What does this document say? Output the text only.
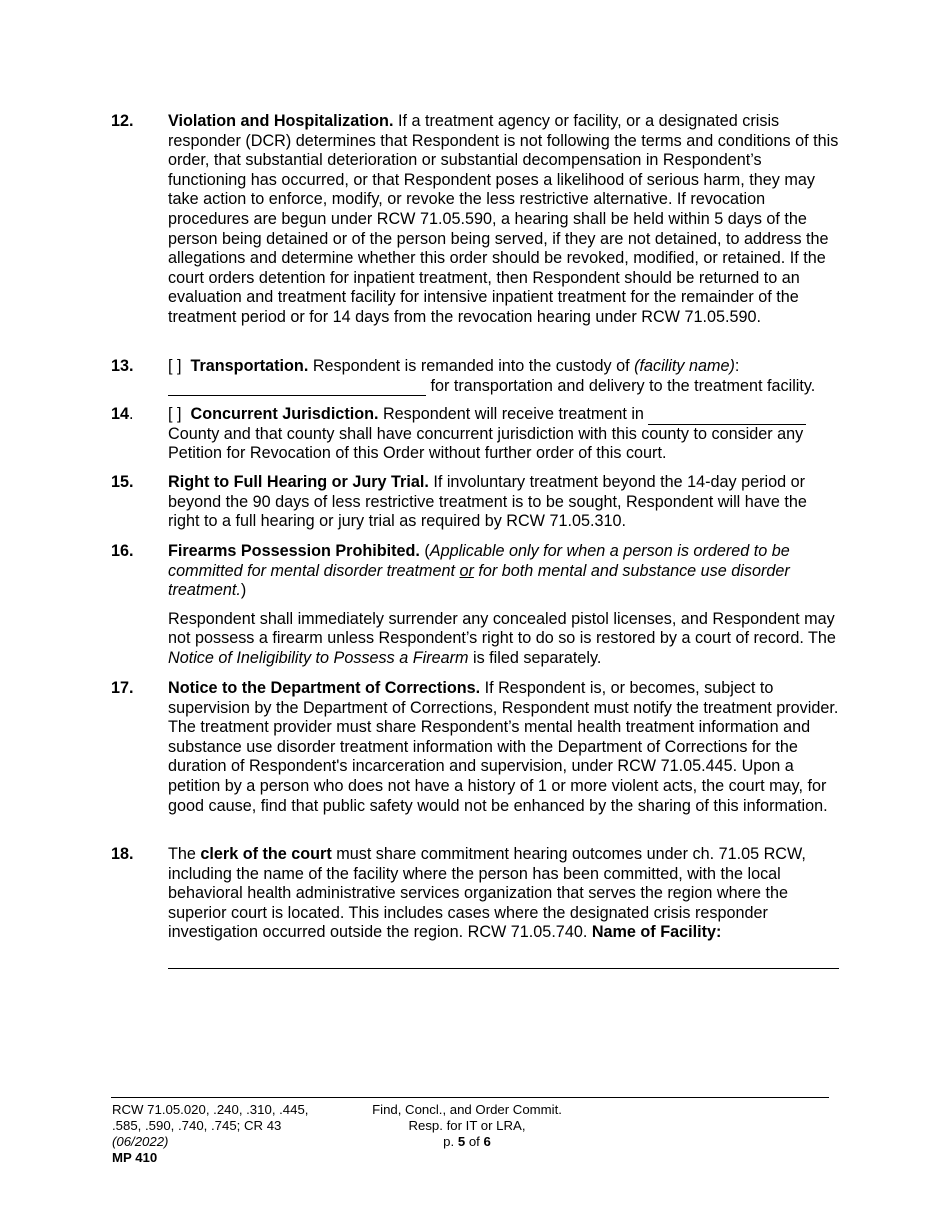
12. Violation and Hospitalization. If a treatment agency or facility, or a designated crisis responder (DCR) determines that Respondent is not following the terms and conditions of this order, that substantial deterioration or substantial decompensation in Respondent’s functioning has occurred, or that Respondent poses a likelihood of serious harm, they may take action to enforce, modify, or revoke the less restrictive alternative. If revocation procedures are begun under RCW 71.05.590, a hearing shall be held within 5 days of the person being detained or of the person being served, if they are not detained, to address the allegations and determine whether this order should be revoked, modified, or retained. If the court orders detention for inpatient treatment, then Respondent should be returned to an evaluation and treatment facility for intensive inpatient treatment for the remainder of the treatment period or for 14 days from the revocation hearing under RCW 71.05.590.
13. [ ] Transportation. Respondent is remanded into the custody of (facility name):
for transportation and delivery to the treatment facility.
14. [ ] Concurrent Jurisdiction. Respondent will receive treatment in  County and that county shall have concurrent jurisdiction with this county to consider any Petition for Revocation of this Order without further order of this court.
15. Right to Full Hearing or Jury Trial. If involuntary treatment beyond the 14-day period or beyond the 90 days of less restrictive treatment is to be sought, Respondent will have the right to a full hearing or jury trial as required by RCW 71.05.310.
16. Firearms Possession Prohibited. (Applicable only for when a person is ordered to be committed for mental disorder treatment or for both mental and substance use disorder treatment.)
Respondent shall immediately surrender any concealed pistol licenses, and Respondent may not possess a firearm unless Respondent’s right to do so is restored by a court of record. The Notice of Ineligibility to Possess a Firearm is filed separately.
17. Notice to the Department of Corrections. If Respondent is, or becomes, subject to supervision by the Department of Corrections, Respondent must notify the treatment provider. The treatment provider must share Respondent’s mental health treatment information and substance use disorder treatment information with the Department of Corrections for the duration of Respondent's incarceration and supervision, under RCW 71.05.445. Upon a petition by a person who does not have a history of 1 or more violent acts, the court may, for good cause, find that public safety would not be enhanced by the sharing of this information.
18. The clerk of the court must share commitment hearing outcomes under ch. 71.05 RCW, including the name of the facility where the person has been committed, with the local behavioral health administrative services organization that serves the region where the superior court is located. This includes cases where the designated crisis responder investigation occurred outside the region. RCW 71.05.740. Name of Facility:
RCW 71.05.020, .240, .310, .445,
.585, .590, .740, .745; CR 43
(06/2022)
MP 410
Find, Concl., and Order Commit.
Resp. for IT or LRA,
p. 5 of 6
